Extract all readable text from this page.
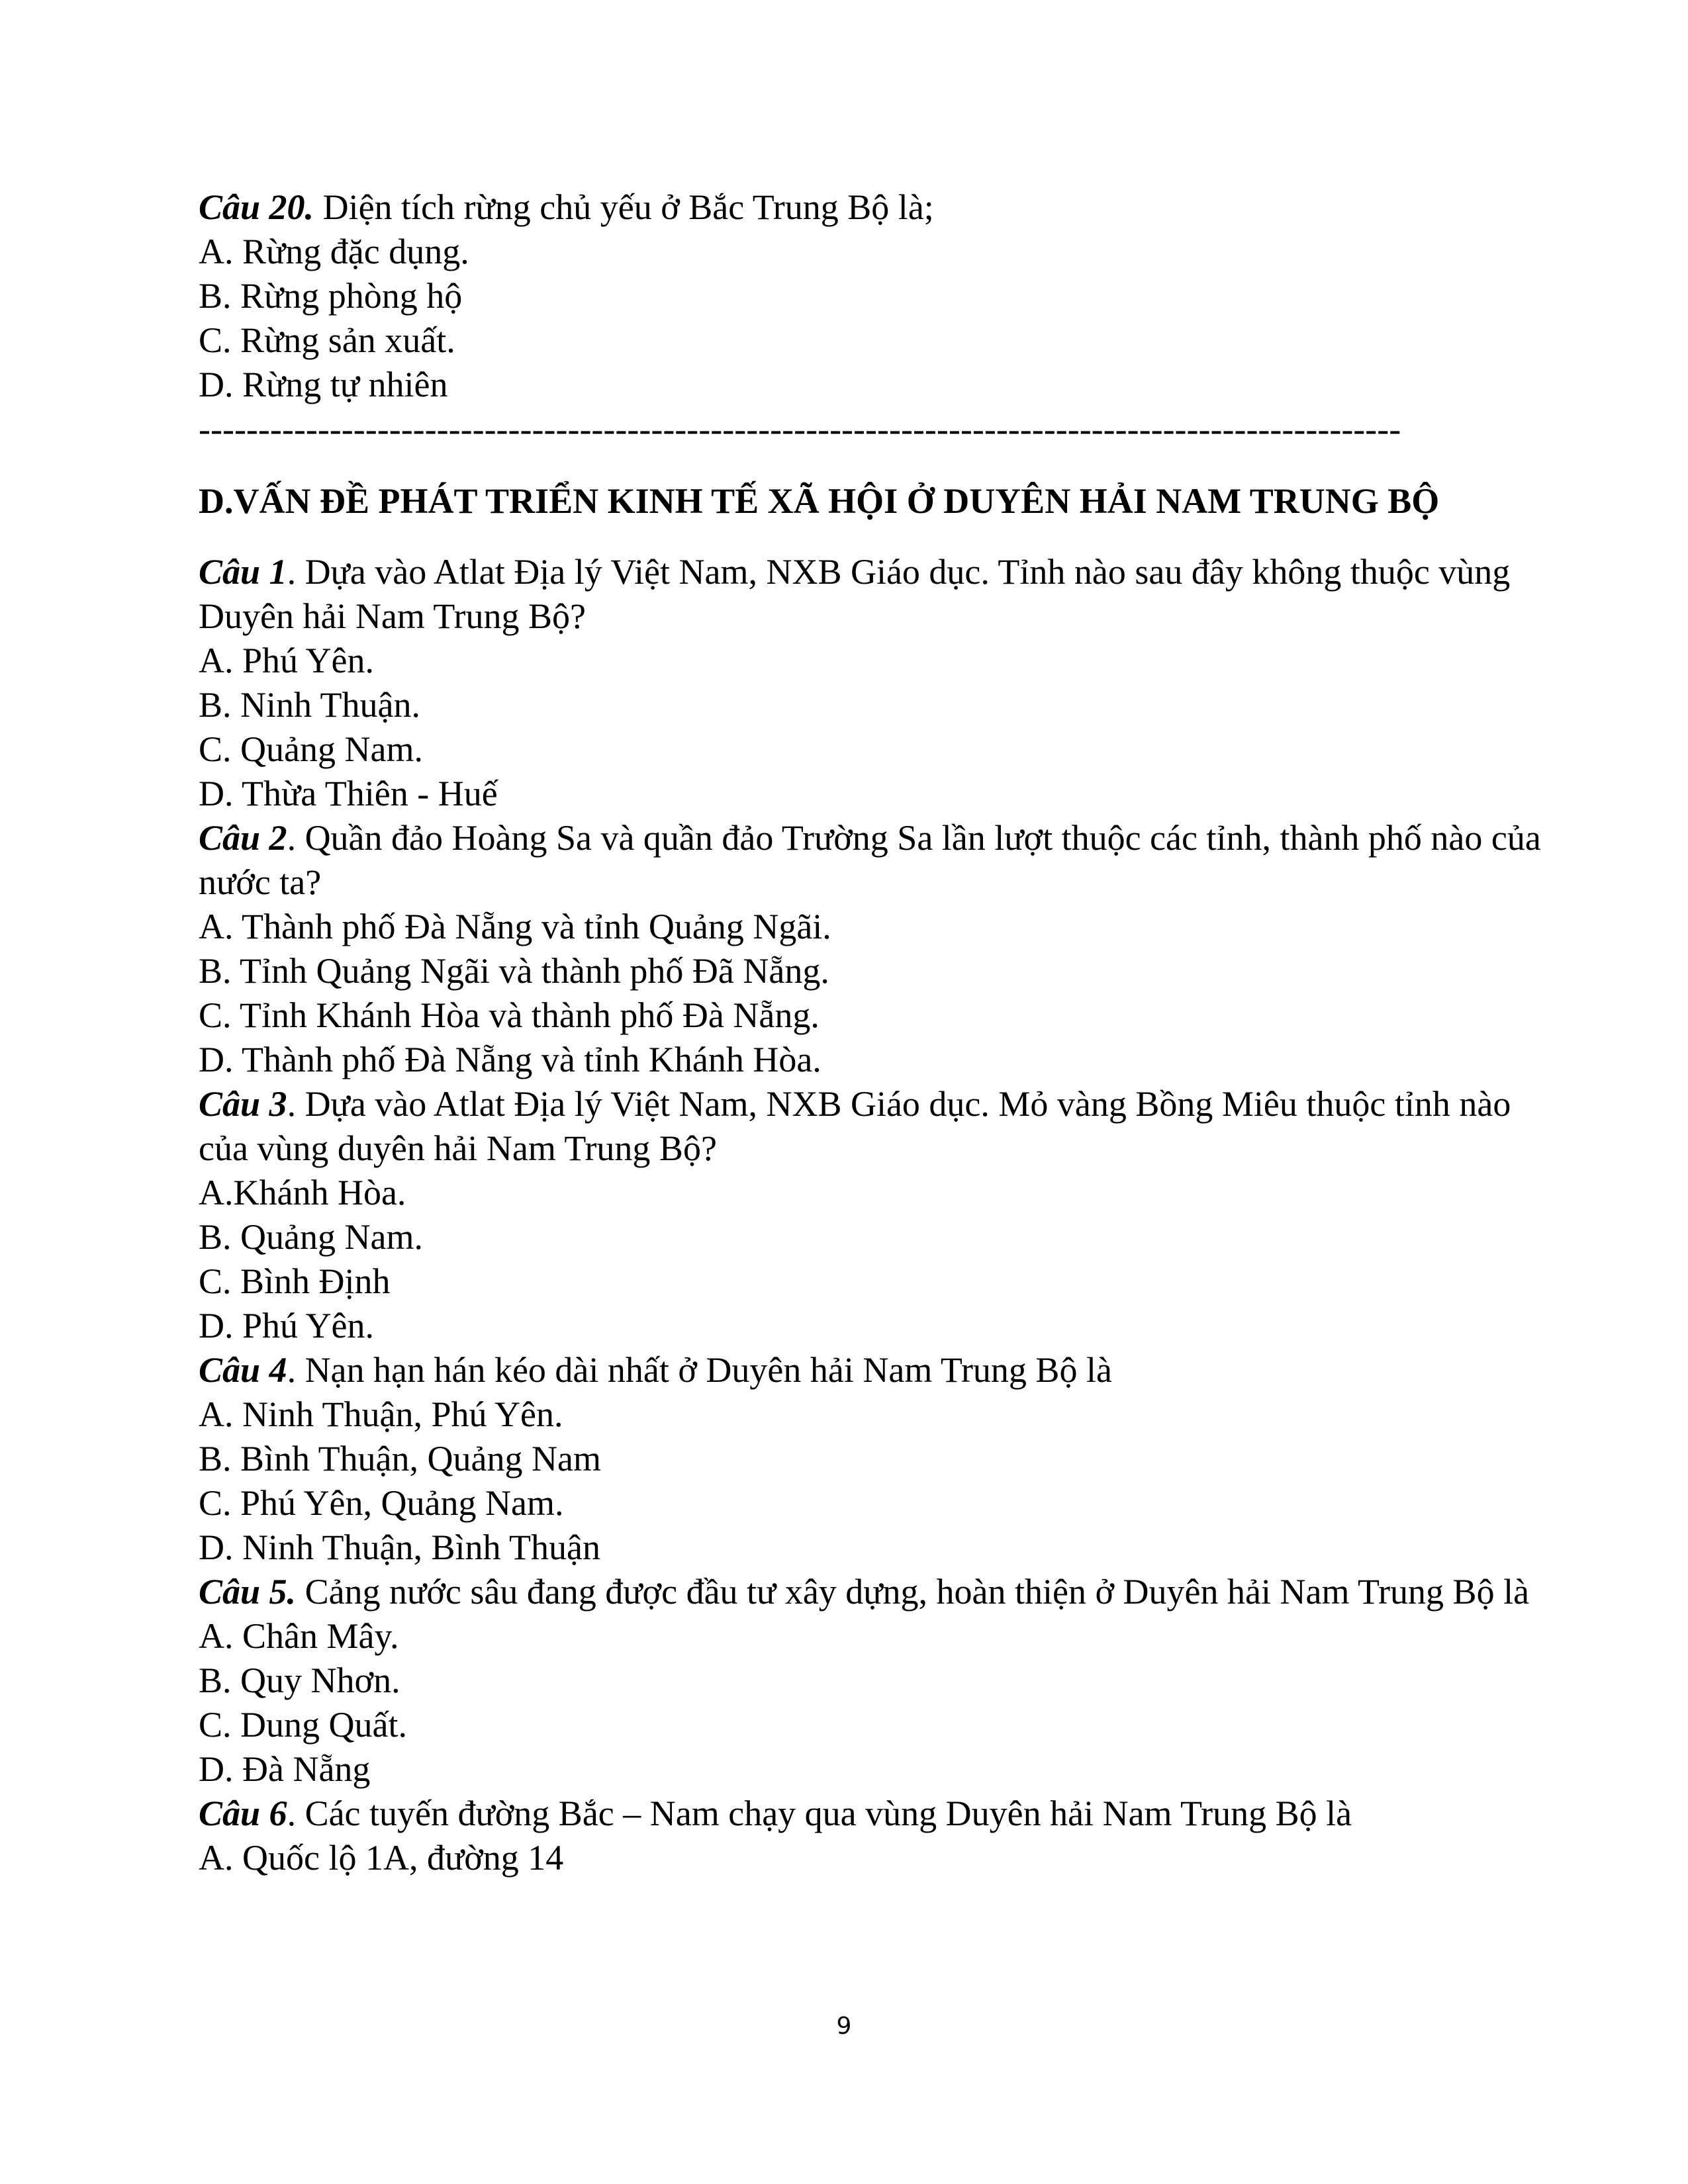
Câu 20. Diện tích rừng chủ yếu ở Bắc Trung Bộ là;

A. Rừng đặc dụng.

B. Rừng phòng hộ

C. Rừng sản xuất.

D. Rừng tự nhiên

-----------------------------------------------------------------------------------------------------
D.VẤN ĐỀ PHÁT TRIỂN KINH TẾ XÃ HỘI Ở DUYÊN HẢI NAM TRUNG BỘ

Câu 1. Dựa vào Atlat Địa lý Việt Nam, NXB Giáo dục. Tỉnh nào sau đây không thuộc vùng Duyên hải Nam Trung Bộ?

A. Phú Yên.

B. Ninh Thuận.

C. Quảng Nam.

D. Thừa Thiên - Huế

Câu 2. Quần đảo Hoàng Sa và quần đảo Trường Sa lần lượt thuộc các tỉnh, thành phố nào của nước ta?

A. Thành phố Đà Nẵng và tỉnh Quảng Ngãi.

B. Tỉnh Quảng Ngãi và thành phố Đã Nẵng.

C. Tỉnh Khánh Hòa và thành phố Đà Nẵng.

D. Thành phố Đà Nẵng và tỉnh Khánh Hòa.

Câu 3. Dựa vào Atlat Địa lý Việt Nam, NXB Giáo dục. Mỏ vàng Bồng Miêu thuộc tỉnh nào của vùng duyên hải Nam Trung Bộ?

A.Khánh Hòa.

B. Quảng Nam.

C. Bình Định

D. Phú Yên.

Câu 4. Nạn hạn hán kéo dài nhất ở Duyên hải Nam Trung Bộ là

A. Ninh Thuận, Phú Yên.

B. Bình Thuận, Quảng Nam

C. Phú Yên, Quảng Nam.

D. Ninh Thuận, Bình Thuận

Câu 5. Cảng nước sâu đang được đầu tư xây dựng, hoàn thiện ở Duyên hải Nam Trung Bộ là

A. Chân Mây.

B. Quy Nhơn.

C. Dung Quất.

D. Đà Nẵng

Câu 6. Các tuyến đường Bắc – Nam chạy qua vùng Duyên hải Nam Trung Bộ là

A. Quốc lộ 1A, đường 14

9
